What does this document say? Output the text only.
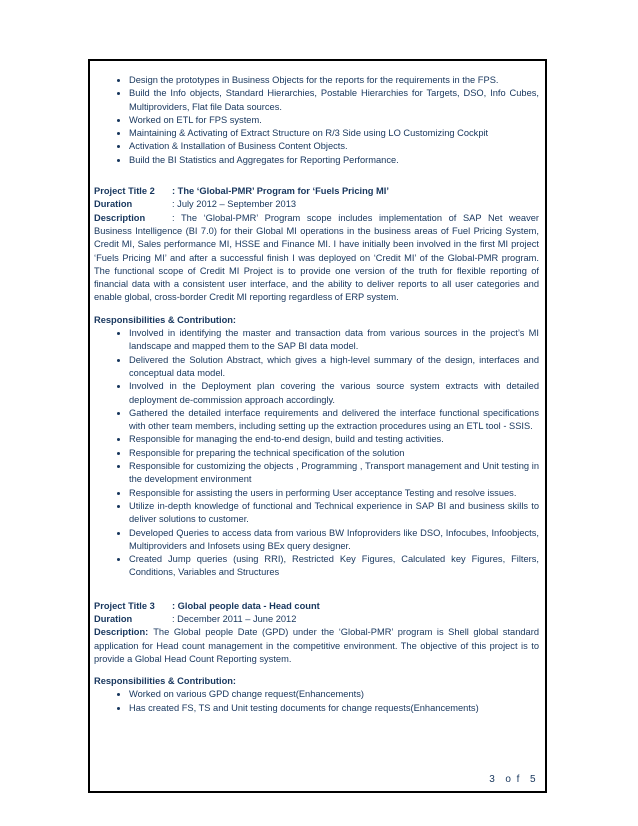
• Design the prototypes in Business Objects for the reports for the requirements in the FPS.
• Build the Info objects, Standard Hierarchies, Postable Hierarchies for Targets, DSO, Info Cubes, Multiproviders, Flat file Data sources.
• Worked on ETL for FPS system.
• Maintaining & Activating of Extract Structure on R/3 Side using LO Customizing Cockpit
• Activation & Installation of Business Content Objects.
• Build the BI Statistics and Aggregates for Reporting Performance.

Project Title 2 : The ‘Global-PMR’ Program for ‘Fuels Pricing MI’

Duration	: July 2012 – September 2013

Description	: The ‘Global-PMR’ Program scope includes implementation of SAP Net weaver Business Intelligence (BI 7.0) for their Global MI operations in the business areas of Fuel Pricing System, Credit MI, Sales performance MI, HSSE and Finance MI. I have initially been involved in the first MI project ‘Fuels Pricing MI’ and after a successful finish I was deployed on ‘Credit MI’ of the Global-PMR program. The functional scope of Credit MI Project is to provide one version of the truth for flexible reporting of financial data with a consistent user interface, and the ability to deliver reports to all user categories and enable global, cross-border Credit MI reporting regardless of ERP system.

Responsibilities & Contribution:

• Involved in identifying the master and transaction data from various sources in the project’s MI landscape and mapped them to the SAP BI data model.
• Delivered the Solution Abstract, which gives a high-level summary of the design, interfaces and conceptual data model.
• Involved in the Deployment plan covering the various source system extracts with detailed deployment de-commission approach accordingly.
• Gathered the detailed interface requirements and delivered the interface functional specifications with other team members, including setting up the extraction procedures using an ETL tool - SSIS.
• Responsible for managing the end-to-end design, build and testing activities.
• Responsible for preparing the technical specification of the solution
• Responsible for customizing the objects , Programming , Transport management and Unit testing in the development environment
• Responsible for assisting the users in performing User acceptance Testing and resolve issues.
• Utilize in-depth knowledge of functional and Technical experience in SAP BI and business skills to deliver solutions to customer.
• Developed Queries to access data from various BW Infoproviders like DSO, Infocubes, Infoobjects, Multiproviders and Infosets using BEx query designer.
• Created Jump queries (using RRI), Restricted Key Figures, Calculated key Figures, Filters, Conditions, Variables and Structures

Project Title 3 : Global people data - Head count

Duration	: December 2011 – June 2012

Description: The Global people Date (GPD) under the ‘Global-PMR’ program is Shell global standard application for Head count management in the competitive environment. The objective of this project is to provide a Global Head Count Reporting system.

Responsibilities & Contribution:

• Worked on various GPD change request(Enhancements)
• Has created FS, TS and Unit testing documents for change requests(Enhancements)
3 o f 5
